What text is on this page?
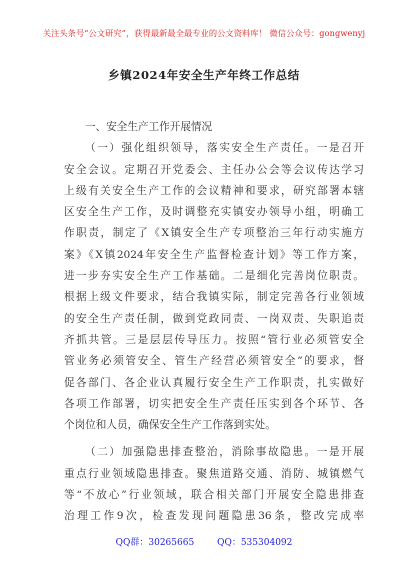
关注头条号“公文研究”，获得最新最全最专业的公文资料库！ 微信公众号：gongwenyj
乡镇2024年安全生产年终工作总结
一、安全生产工作开展情况
（一）强化组织领导，落实安全生产责任。一是召开
安全会议。定期召开党委会、主任办公会等会议传达学习
上级有关安全生产工作的会议精神和要求，研究部署本辖
区安全生产工作，及时调整充实镇安办领导小组，明确工
作职责，制定了《X镇安全生产专项整治三年行动实施方
案》《X镇2024年安全生产监督检查计划》等工作方案，
进一步夯实安全生产工作基础。二是细化完善岗位职责。
根据上级文件要求，结合我镇实际，制定完善各行业领域
的安全生产责任制，做到党政同责、一岗双责、失职追责
齐抓共管。三是层层传导压力。按照“管行业必须管安全
管业务必须管安全、管生产经营必须管安全”的要求，督
促各部门、各企业认真履行安全生产工作职责，扎实做好
各项工作部署，切实把安全生产责任压实到各个环节、各
个岗位和人员，确保安全生产工作落到实处。
（二）加强隐患排查整治，消除事故隐患。一是开展
重点行业领域隐患排查。聚焦道路交通、消防、城镇燃气
等“不放心”行业领域，联合相关部门开展安全隐患排查
治理工作9次，检查发现问题隐患36条，整改完成率
QQ群：30265665	QQ：535304092
